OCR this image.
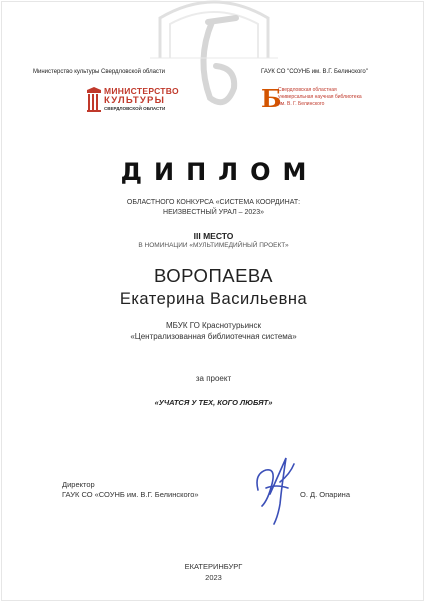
Министерство культуры Свердловской области
МИНИСТЕРСТВО
КУЛЬТУРЫ
СВЕРДЛОВСКОЙ ОБЛАСТИ
ГАУК СО "СОУНБ им. В.Г. Белинского"
Б
Свердловская областная
универсальная научная библиотека
им. В. Г. Белинского
ДИПЛОМ
ОБЛАСТНОГО КОНКУРСА «СИСТЕМА КООРДИНАТ:
НЕИЗВЕСТНЫЙ УРАЛ – 2023»
III МЕСТО
В НОМИНАЦИИ «МУЛЬТИМЕДИЙНЫЙ ПРОЕКТ»
ВОРОПАЕВА
Екатерина Васильевна
МБУК ГО Краснотурьинск
«Централизованная библиотечная система»
за проект
«УЧАТСЯ У ТЕХ, КОГО ЛЮБЯТ»
Директор
ГАУК СО «СОУНБ им. В.Г. Белинского»	О. Д. Опарина
ЕКАТЕРИНБУРГ
2023
